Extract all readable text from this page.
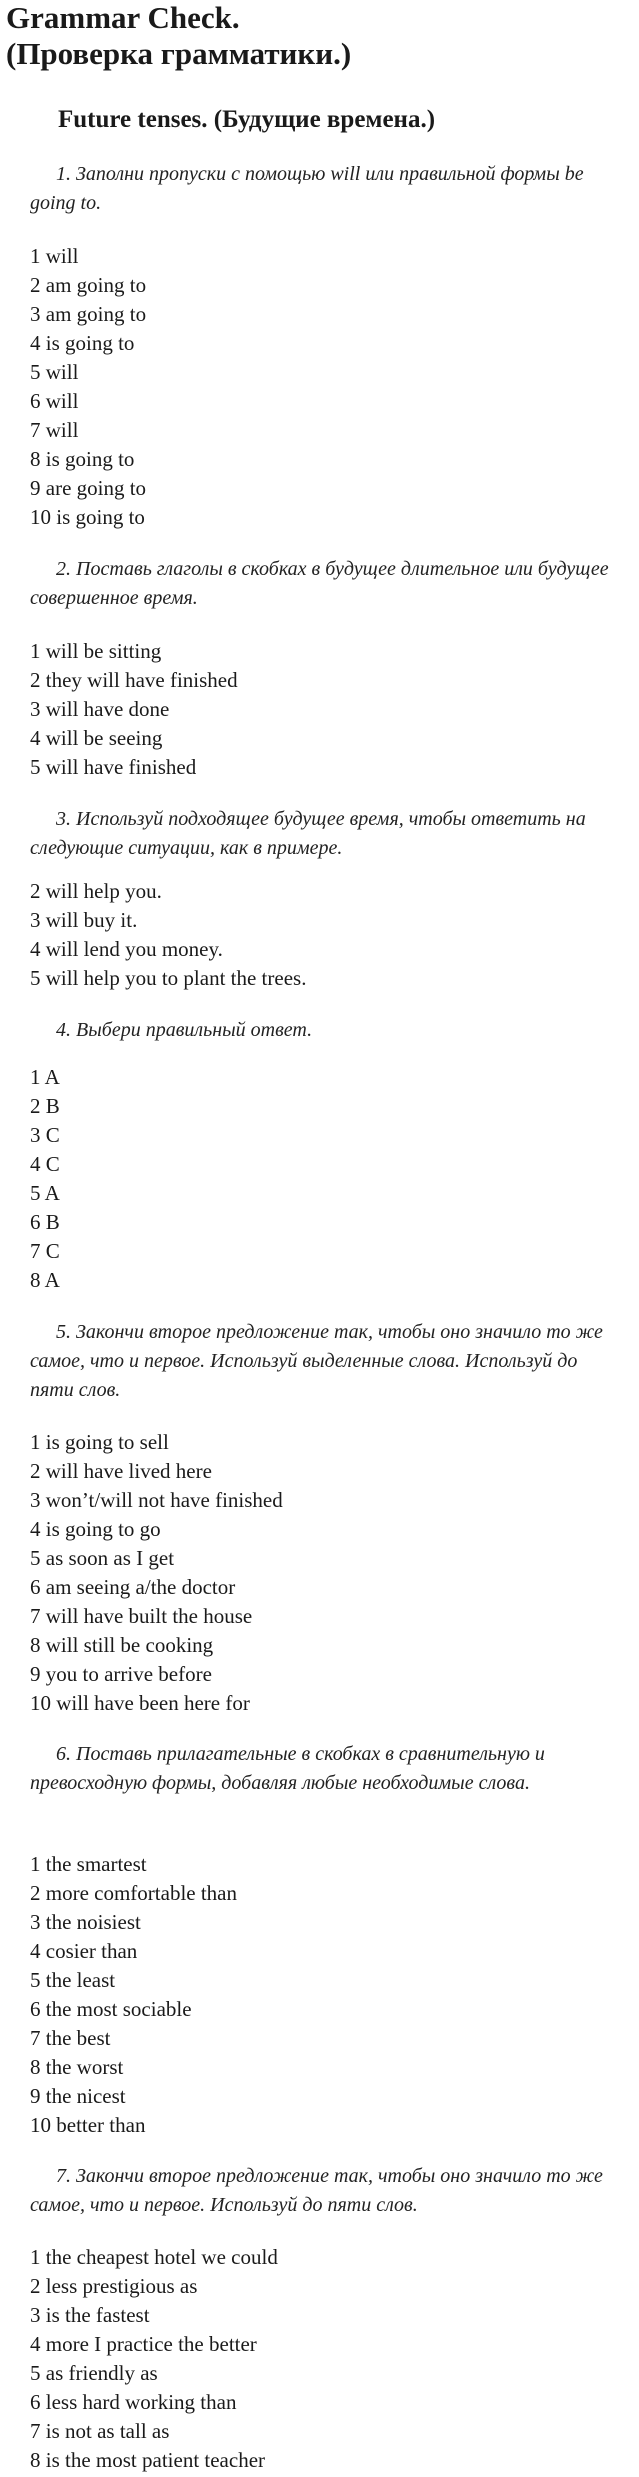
Grammar Check.
(Проверка грамматики.)
Future tenses. (Будущие времена.)
1. Заполни пропуски с помощью will или правильной формы be going to.
1 will
2 am going to
3 am going to
4 is going to
5 will
6 will
7 will
8 is going to
9 are going to
10 is going to
2. Поставь глаголы в скобках в будущее длительное или будущее совершенное время.
1 will be sitting
2 they will have finished
3 will have done
4 will be seeing
5 will have finished
3. Используй подходящее будущее время, чтобы ответить на следующие ситуации, как в примере.
2 will help you.
3 will buy it.
4 will lend you money.
5 will help you to plant the trees.
4. Выбери правильный ответ.
1 A
2 B
3 C
4 C
5 A
6 B
7 C
8 A
5. Закончи второе предложение так, чтобы оно значило то же самое, что и первое. Используй выделенные слова. Используй до пяти слов.
1 is going to sell
2 will have lived here
3 won’t/will not have finished
4 is going to go
5 as soon as I get
6 am seeing a/the doctor
7 will have built the house
8 will still be cooking
9 you to arrive before
10 will have been here for
6. Поставь прилагательные в скобках в сравнительную и превосходную формы, добавляя любые необходимые слова.
1 the smartest
2 more comfortable than
3 the noisiest
4 cosier than
5 the least
6 the most sociable
7 the best
8 the worst
9 the nicest
10 better than
7. Закончи второе предложение так, чтобы оно значило то же самое, что и первое. Используй до пяти слов.
1 the cheapest hotel we could
2 less prestigious as
3 is the fastest
4 more I practice the better
5 as friendly as
6 less hard working than
7 is not as tall as
8 is the most patient teacher
